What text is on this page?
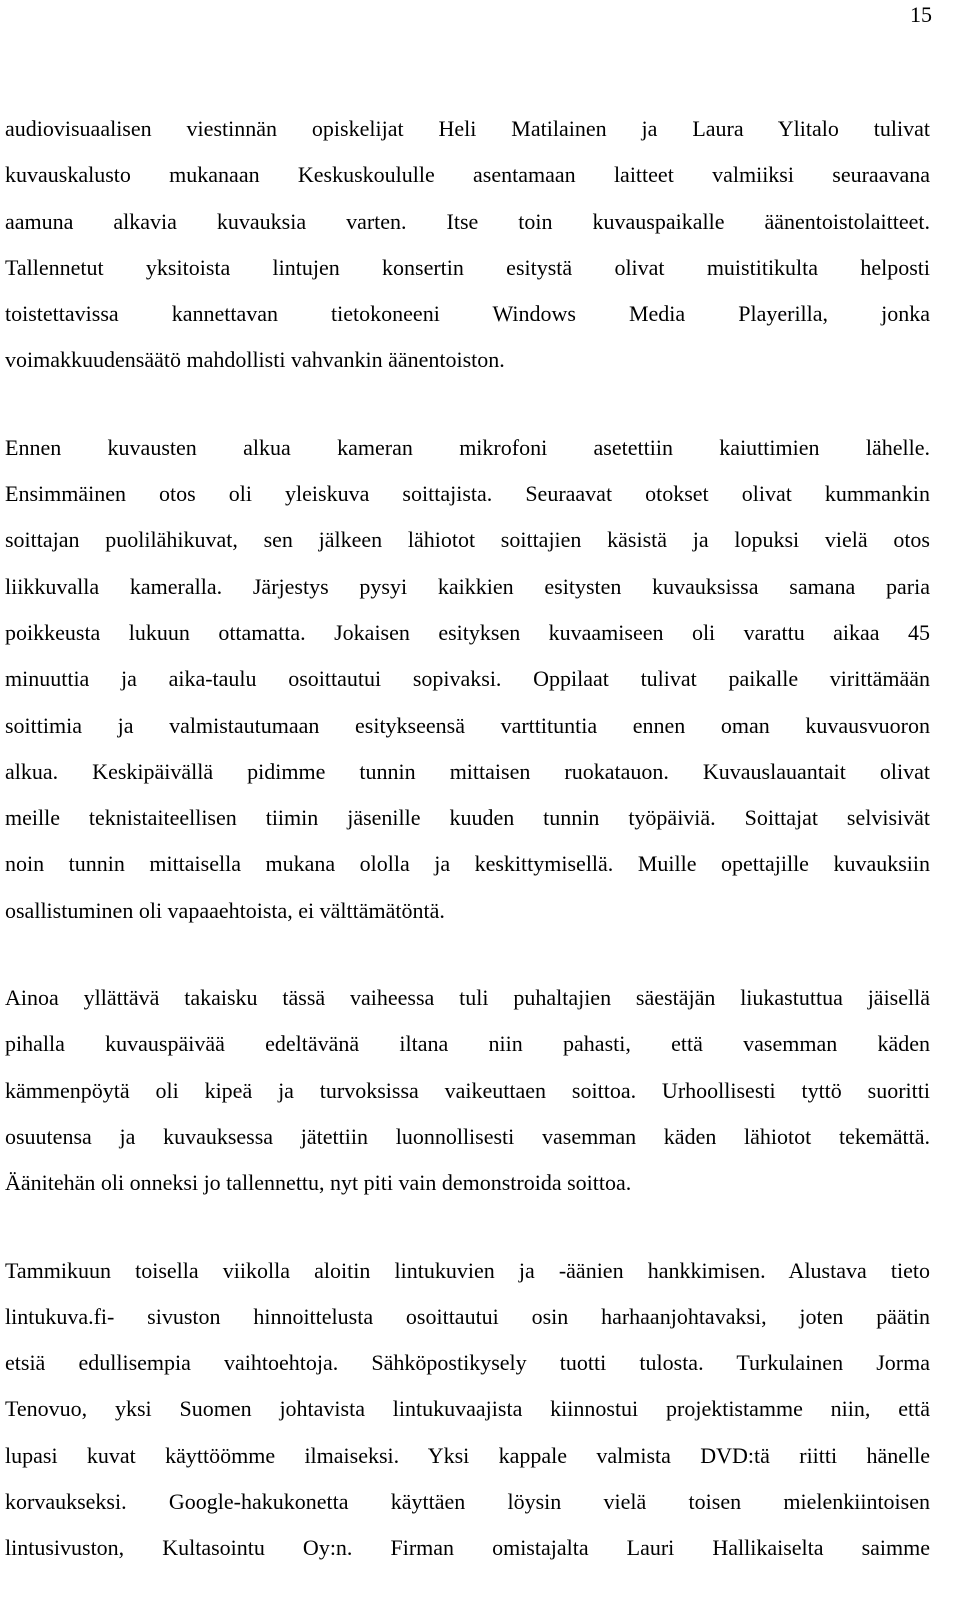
15

audiovisuaalisen viestinnän opiskelijat Heli Matilainen ja Laura Ylitalo tulivat
kuvauskalusto mukanaan Keskuskoululle asentamaan laitteet valmiiksi seuraavana
aamuna alkavia kuvauksia varten. Itse toin kuvauspaikalle äänentoistolaitteet.
Tallennetut yksitoista lintujen konsertin esitystä olivat muistitikulta helposti
toistettavissa kannettavan tietokoneeni Windows Media Playerilla, jonka
voimakkuudensäätö mahdollisti vahvankin äänentoiston.

Ennen kuvausten alkua kameran mikrofoni asetettiin kaiuttimien lähelle.
Ensimmäinen otos oli yleiskuva soittajista. Seuraavat otokset olivat kummankin
soittajan puolilähikuvat, sen jälkeen lähiotot soittajien käsistä ja lopuksi vielä otos
liikkuvalla kameralla. Järjestys pysyi kaikkien esitysten kuvauksissa samana paria
poikkeusta lukuun ottamatta. Jokaisen esityksen kuvaamiseen oli varattu aikaa 45
minuuttia ja aika-taulu osoittautui sopivaksi. Oppilaat tulivat paikalle virittämään
soittimia ja valmistautumaan esitykseensä varttituntia ennen oman kuvausvuoron
alkua. Keskipäivällä pidimme tunnin mittaisen ruokatauon. Kuvauslauantait olivat
meille teknistaiteellisen tiimin jäsenille kuuden tunnin työpäiviä. Soittajat selvisivät
noin tunnin mittaisella mukana ololla ja keskittymisellä. Muille opettajille kuvauksiin
osallistuminen oli vapaaehtoista, ei välttämätöntä.

Ainoa yllättävä takaisku tässä vaiheessa tuli puhaltajien säestäjän liukastuttua jäisellä
pihalla kuvauspäivää edeltävänä iltana niin pahasti, että vasemman käden
kämmenpöytä oli kipeä ja turvoksissa vaikeuttaen soittoa. Urhoollisesti tyttö suoritti
osuutensa ja kuvauksessa jätettiin luonnollisesti vasemman käden lähiotot tekemättä.
Äänitehän oli onneksi jo tallennettu, nyt piti vain demonstroida soittoa.

Tammikuun toisella viikolla aloitin lintukuvien ja -äänien hankkimisen. Alustava tieto
lintukuva.fi- sivuston hinnoittelusta osoittautui osin harhaanjohtavaksi, joten päätin
etsiä edullisempia vaihtoehtoja. Sähköpostikysely tuotti tulosta. Turkulainen Jorma
Tenovuo, yksi Suomen johtavista lintukuvaajista kiinnostui projektistamme niin, että
lupasi kuvat käyttöömme ilmaiseksi. Yksi kappale valmista DVD:tä riitti hänelle
korvaukseksi. Google-hakukonetta käyttäen löysin vielä toisen mielenkiintoisen
lintusivuston, Kultasointu Oy:n. Firman omistajalta Lauri Hallikaiselta saimme
